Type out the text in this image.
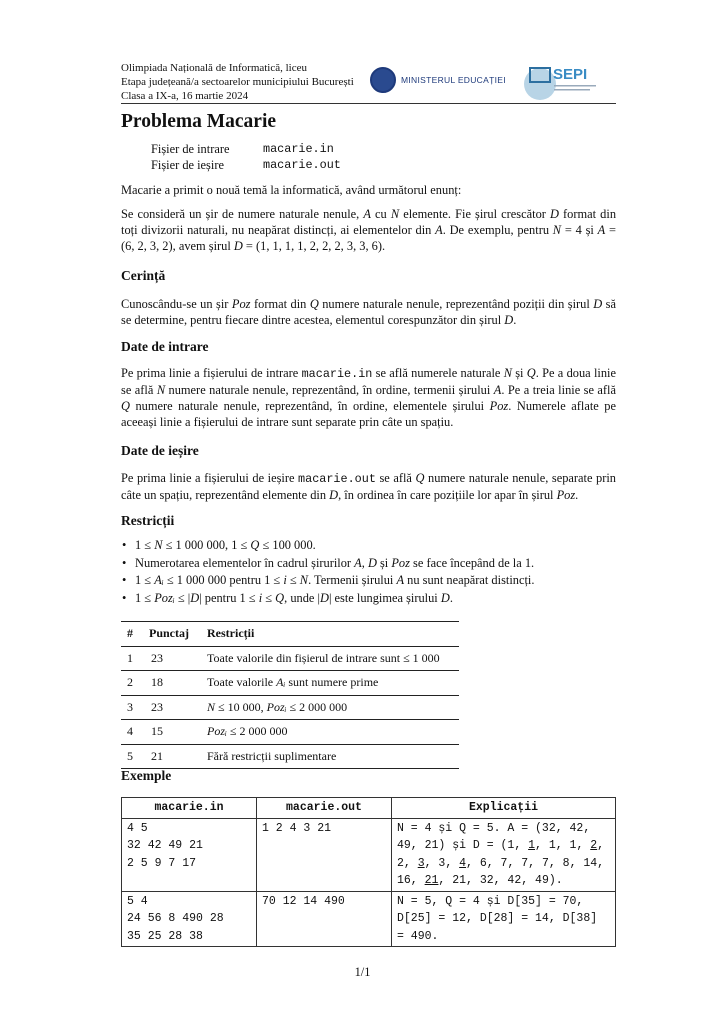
Olimpiada Națională de Informatică, liceu
Etapa județeană/a sectoarelor municipiului București
Clasa a IX-a, 16 martie 2024
MINISTERUL EDUCAȚIEI	SEPI
Problema Macarie
Fișier de intrare	macarie.in
Fișier de ieșire	macarie.out

Macarie a primit o nouă temă la informatică, având următorul enunț:

Se consideră un șir de numere naturale nenule, A cu N elemente. Fie șirul crescător D format din toți divizorii naturali, nu neapărat distincți, ai elementelor din A. De exemplu, pentru N = 4 și A = (6, 2, 3, 2), avem șirul D = (1, 1, 1, 1, 2, 2, 2, 3, 3, 6).

Cerință

Cunoscându-se un șir Poz format din Q numere naturale nenule, reprezentând poziții din șirul D să se determine, pentru fiecare dintre acestea, elementul corespunzător din șirul D.

Date de intrare

Pe prima linie a fișierului de intrare macarie.in se află numerele naturale N și Q. Pe a doua linie se află N numere naturale nenule, reprezentând, în ordine, termenii șirului A. Pe a treia linie se află Q numere naturale nenule, reprezentând, în ordine, elementele șirului Poz. Numerele aflate pe aceeași linie a fișierului de intrare sunt separate prin câte un spațiu.

Date de ieșire

Pe prima linie a fișierului de ieșire macarie.out se află Q numere naturale nenule, separate prin câte un spațiu, reprezentând elemente din D, în ordinea în care pozițiile lor apar în șirul Poz.

Restricții
• 1 ≤ N ≤ 1 000 000, 1 ≤ Q ≤ 100 000.
• Numerotarea elementelor în cadrul șirurilor A, D și Poz se face începând de la 1.
• 1 ≤ Aᵢ ≤ 1 000 000 pentru 1 ≤ i ≤ N. Termenii șirului A nu sunt neapărat distincți.
• 1 ≤ Pozᵢ ≤ |D| pentru 1 ≤ i ≤ Q, unde |D| este lungimea șirului D.
#	Punctaj	Restricții
1	23	Toate valorile din fișierul de intrare sunt ≤ 1 000
2	18	Toate valorile Aᵢ sunt numere prime
3	23	N ≤ 10 000, Pozᵢ ≤ 2 000 000
4	15	Pozᵢ ≤ 2 000 000
5	21	Fără restricții suplimentare
Exemple
macarie.in	macarie.out	Explicații

4 5
32 42 49 21
2 5 9 7 17	1 2 4 3 21	N = 4 și Q = 5. A = (32, 42, 49, 21) și D = (1, 1, 1, 1, 2, 2, 3, 3, 4, 6, 7, 7, 7, 8, 14, 16, 21, 21, 32, 42, 49).

5 4
24 56 8 490 28
35 25 28 38	70 12 14 490	N = 5, Q = 4 și D[35] = 70, D[25] = 12, D[28] = 14, D[38] = 490.
1/1
